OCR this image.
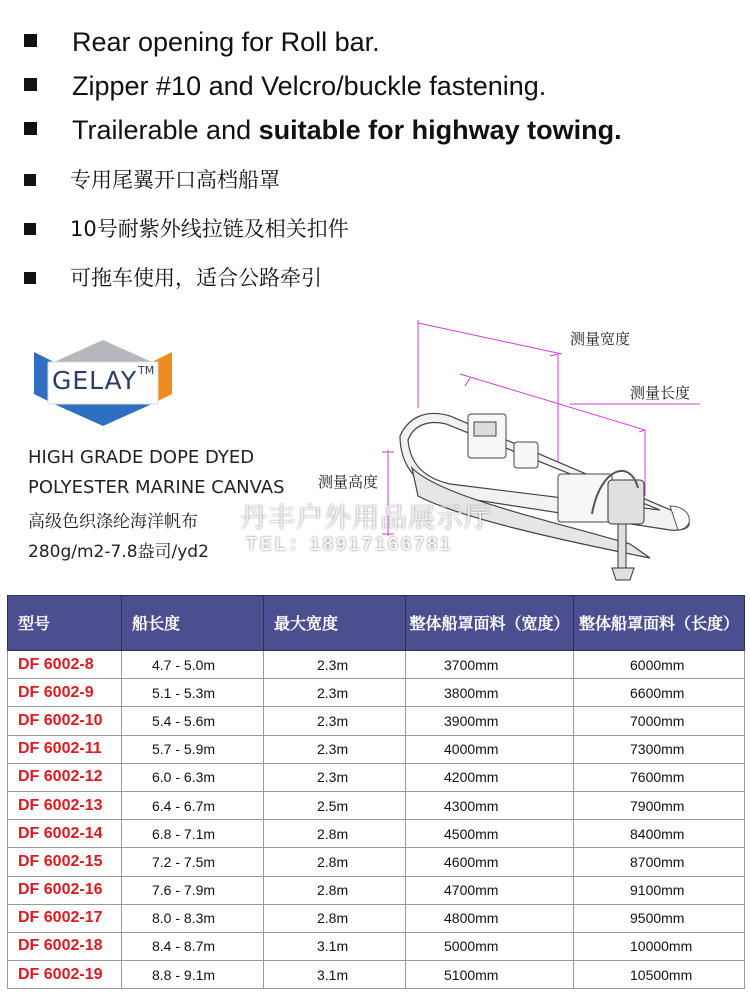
Rear opening for Roll bar.
Zipper #10 and Velcro/buckle fastening.
Trailerable and suitable for highway towing.
专用尾翼开口高档船罩
10号耐紫外线拉链及相关扣件
可拖车使用，适合公路牵引
GELAY TM
HIGH GRADE DOPE DYED
POLYESTER MARINE CANVAS
高级色织涤纶海洋帆布
280g/m2-7.8盎司/yd2
测量宽度
测量长度
测量高度
丹丰户外用品展示厅
TEL：18917166781
型号	船长度	最大宽度	整体船罩面料（宽度）	整体船罩面料（长度）
DF 6002-8	4.7 - 5.0m	2.3m	3700mm	6000mm
DF 6002-9	5.1 - 5.3m	2.3m	3800mm	6600mm
DF 6002-10	5.4 - 5.6m	2.3m	3900mm	7000mm
DF 6002-11	5.7 - 5.9m	2.3m	4000mm	7300mm
DF 6002-12	6.0 - 6.3m	2.3m	4200mm	7600mm
DF 6002-13	6.4 - 6.7m	2.5m	4300mm	7900mm
DF 6002-14	6.8 - 7.1m	2.8m	4500mm	8400mm
DF 6002-15	7.2 - 7.5m	2.8m	4600mm	8700mm
DF 6002-16	7.6 - 7.9m	2.8m	4700mm	9100mm
DF 6002-17	8.0 - 8.3m	2.8m	4800mm	9500mm
DF 6002-18	8.4 - 8.7m	3.1m	5000mm	10000mm
DF 6002-19	8.8 - 9.1m	3.1m	5100mm	10500mm
